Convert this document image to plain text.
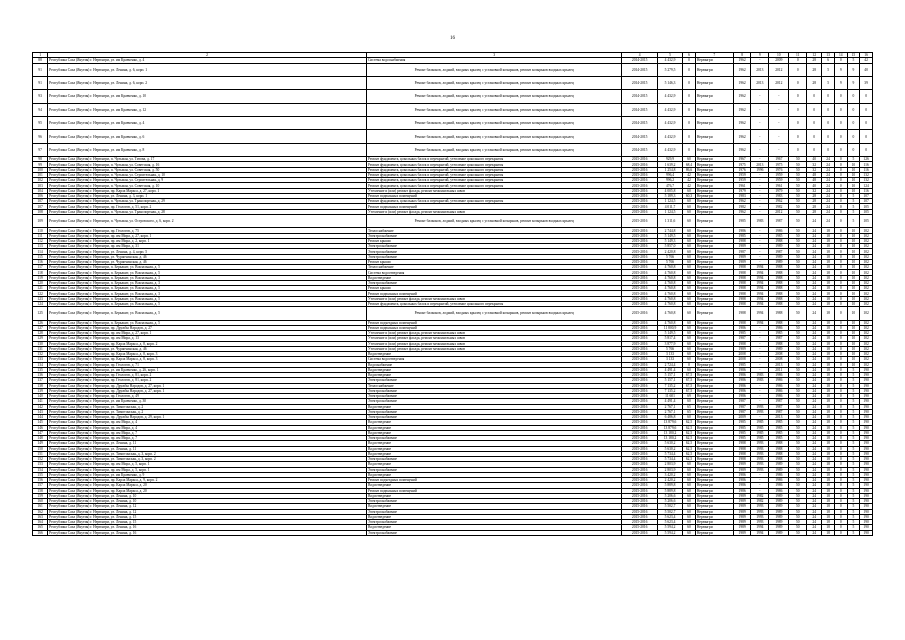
16
1	2	3	4	5	6	7	8	9	10	11	12	13	14	15	16
88	Республика Саха (Якутия) г. Нерюнгри, ул. им Кравченко, д. 4	Система водоснабжения	2014-2015	4 432,9	0	Нерюнгри	1962	-	2009	0	28	6	0	5	42
91	Республика Саха (Якутия) г. Нерюнгри, ул. Ленина, д. 6, корп. 1	Ремонт балконов, лоджий, входных крылец с установкой козырьков, ремонт козырьков входных крылец	2014-2015	5 279,5	0	Нерюнгри	1962	2013	2012	0	28	5	9	9	40
91	Республика Саха (Якутия) г. Нерюнгри, ул. Ленина, д. 6, корп. 2	Ремонт балконов, лоджий, входных крылец с установкой козырьков, ремонт козырьков входных крылец	2014-2015	5 146,3	0	Нерюнгри	1962	2013	2012	0	28	5	9	9	39
93	Республика Саха (Якутия) г. Нерюнгри, ул. им Кравченко, д. 10	Ремонт балконов, лоджий, входных крылец с установкой козырьков, ремонт козырьков входных крылец	2014-2015	4 432,9	0	Нерюнгри	1962	-	-	0	0	0	0	0	0
94	Республика Саха (Якутия) г. Нерюнгри, ул. им Кравченко, д. 12	Ремонт балконов, лоджий, входных крылец с установкой козырьков, ремонт козырьков входных крылец	2014-2015	4 432,9	0	Нерюнгри	1962	-	-	0	0	0	0	0	0
95	Республика Саха (Якутия) г. Нерюнгри, ул. им Кравченко, д. 4	Ремонт балконов, лоджий, входных крылец с установкой козырьков, ремонт козырьков входных крылец	2014-2015	4 432,9	0	Нерюнгри	1962	-	-	0	0	0	0	0	0
96	Республика Саха (Якутия) г. Нерюнгри, ул. им Кравченко, д. 6	Ремонт балконов, лоджий, входных крылец с установкой козырьков, ремонт козырьков входных крылец	2014-2015	4 432,9	0	Нерюнгри	1962	-	-	0	0	0	0	0	0
97	Республика Саха (Якутия) г. Нерюнгри, ул. им Кравченко, д. 8	Ремонт балконов, лоджий, входных крылец с установкой козырьков, ремонт козырьков входных крылец	2014-2015	4 432,9	0	Нерюнгри	1962	-	-	0	0	0	0	0	0
98	Республика Саха (Якутия) г. Нерюнгри, п. Чульман, ул. Титова, д. 17	Ремонт фундамента, цокольных балок и перекрытий, утепление цокольного перекрытия	2015-2016	929,9	60	Нерюнгри	1967	-	1967	50	40	24	0	5	126
99	Республика Саха (Якутия) г. Нерюнгри, п. Чульман, ул. Советская, д. 16	Ремонт фундамента, цокольных балок и перекрытий, утепление цокольного перекрытия	2015-2016	1 639,2	68,4	Нерюнгри	1975	2013	1975	50	32	24	0	10	116
100	Республика Саха (Якутия) г. Нерюнгри, п. Чульман, ул. Советская, д. 50	Ремонт фундамента, цокольных балок и перекрытий, утепление цокольного перекрытия	2015-2016	1 254,8	86,6	Нерюнгри	1976	1996	1976	50	32	24	0	10	116
101	Республика Саха (Якутия) г. Нерюнгри, п. Чульман, ул. Строительная, д. 10	Ремонт фундамента, цокольных балок и перекрытий, утепление цокольного перекрытия	2015-2016	996,4	42	Нерюнгри	1959	-	1959	50	48	24	0	10	132
102	Республика Саха (Якутия) г. Нерюнгри, п. Чульман, ул. Строительная, д. 9	Ремонт фундамента, цокольных балок и перекрытий, утепление цокольного перекрытия	2015-2016	996,2	42	Нерюнгри	1959	-	1959	50	48	24	0	10	132
103	Республика Саха (Якутия) г. Нерюнгри, п. Чульман, ул. Советская, д. 10	Ремонт фундамента, цокольных балок и перекрытий, утепление цокольного перекрытия	2015-2016	476,7	42	Нерюнгри	1961	-	1961	50	40	24	0	10	124
104	Республика Саха (Якутия) г. Нерюнгри, пр. Карла Маркса, д. 27, корп. 1	Утепление и (или) ремонт фасада, ремонт межпанельных швов	2015-2016	4 005,8	60	Нерюнгри	1979	-	1979	50	32	24	0	10	116
106	Республика Саха (Якутия) г. Нерюнгри, ул. Ленина, д. 3, корп. 1	Ремонт подвальных помещений	2015-2016	5 189,3	60,3	Нерюнгри	1983	-	1983	50	28	24	0	5	107
107	Республика Саха (Якутия) г. Нерюнгри, п. Чульман, ул. Транспортная, д. 29	Ремонт фундамента, цокольных балок и перекрытий, утепление цокольного перекрытия	2015-2016	1 124,5	60	Нерюнгри	1962	-	1962	50	28	24	0	5	107
107	Республика Саха (Якутия) г. Нерюнгри, пр. Геологов, д. 51, корп. 2	Ремонт подвальных помещений	2015-2016	4 011,7	60	Нерюнгри	1982	-	1982	50	28	24	0	5	105
108	Республика Саха (Якутия) г. Нерюнгри, п. Чульман, ул. Транспортная, д. 28	Утепление и (или) ремонт фасада, ремонт межпанельных швов	2015-2016	1 124,5	60	Нерюнгри	1962	-	2012	50	28	24	0	5	105
109	Республика Саха (Якутия) г. Нерюнгри, п. Чульман, ул. Островского, д. 6, корп. 2	Ремонт балконов, лоджий, входных крылец с установкой козырьков, ремонт козырьков входных крылец	2015-2016	1 311,6	60	Нерюнгри	1985	1983	1987	50	24	24	0	5	105
110	Республика Саха (Якутия) г. Нерюнгри, пр. Геологов, д. 75	Теплоснабжение	2015-2016	2 744,8	60	Нерюнгри	1986	-	1986	50	24	18	0	10	102
111	Республика Саха (Якутия) г. Нерюнгри, пр. им Мира, д. 27, корп. 1	Электроснабжение	2015-2016	5 149,5	60	Нерюнгри	1985	-	1985	50	24	18	0	10	102
112	Республика Саха (Якутия) г. Нерюнгри, пр. им Мира, д. 2, корп. 1	Ремонт крыши	2015-2016	5 149,3	60	Нерюнгри	1988	-	1988	50	24	18	0	10	102
113	Республика Саха (Якутия) г. Нерюнгри, пр. им Мира, д. 31	Электроснабжение	2015-2016	5 857,0	60	Нерюнгри	1989	-	1989	50	24	18	0	10	102
114	Республика Саха (Якутия) г. Нерюнгри, ул. Ленина, д. 4, корп. 5	Электроснабжение	2015-2016	2 420,8	60	Нерюнгри	1987	-	1987	50	24	18	0	10	102
115	Республика Саха (Якутия) г. Нерюнгри, ул. Чурапчинская, д. 46	Электроснабжение	2015-2016	5 766	60	Нерюнгри	1989	-	1989	50	24	18	0	10	102
116	Республика Саха (Якутия) г. Нерюнгри, ул. Чурапчинская, д. 46	Ремонт крыши	2015-2016	5 766	60	Нерюнгри	1989	-	1989	50	24	18	0	10	102
117	Республика Саха (Якутия) г. Нерюнгри, п. Беркакит, ул. Вокзальная, д. 5	Теплоснабжение	2015-2016	4 760,8	60	Нерюнгри	1988	1994	1988	50	24	18	0	10	102
118	Республика Саха (Якутия) г. Нерюнгри, п. Беркакит, ул. Вокзальная, д. 5	Система водоотведения	2015-2016	4 760,8	60	Нерюнгри	1988	1994	1988	50	24	18	0	10	102
119	Республика Саха (Якутия) г. Нерюнгри, п. Беркакит, ул. Вокзальная, д. 3	Водоотведение	2015-2016	4 760,8	60	Нерюнгри	1988	1994	1988	50	24	18	0	10	102
120	Республика Саха (Якутия) г. Нерюнгри, п. Беркакит, ул. Вокзальная, д. 3	Электроснабжение	2015-2016	4 760,8	60	Нерюнгри	1988	1994	1988	50	24	18	0	10	102
121	Республика Саха (Якутия) г. Нерюнгри, п. Беркакит, ул. Вокзальная, д. 5	Ремонт крыши	2015-2016	4 760,8	60	Нерюнгри	1988	1994	1988	50	24	18	0	10	102
122	Республика Саха (Якутия) г. Нерюнгри, п. Беркакит, ул. Вокзальная, д. 3	Ремонт подвальных помещений	2015-2016	4 760,8	60	Нерюнгри	1988	1994	1988	50	24	18	0	10	102
123	Республика Саха (Якутия) г. Нерюнгри, п. Беркакит, ул. Вокзальная, д. 5	Утепление и (или) ремонт фасада, ремонт межпанельных швов	2015-2016	4 760,8	60	Нерюнгри	1988	1994	1988	50	24	18	0	10	102
124	Республика Саха (Якутия) г. Нерюнгри, п. Беркакит, ул. Вокзальная, д. 5	Ремонт фундамента, цокольных балок и перекрытий, утепление цокольного перекрытия	2015-2016	4 760,8	60	Нерюнгри	1988	1994	1988	50	24	18	0	10	102
125	Республика Саха (Якутия) г. Нерюнгри, п. Беркакит, ул. Вокзальная, д. 5	Ремонт балконов, лоджий, входных крылец с установкой козырьков, ремонт козырьков входных крылец	2015-2016	4 760,8	60	Нерюнгри	1988	1994	1988	50	24	18	0	10	102
126	Республика Саха (Якутия) г. Нерюнгри, п. Беркакит, ул. Вокзальная, д. 5	Ремонт подъездных помещений	2015-2016	4 760,8	60	Нерюнгри	1988	1994	1988	50	24	18	0	10	102
127	Республика Саха (Якутия) г. Нерюнгри, пр. Дружбы Народов, д. 27	Ремонт подвальных помещений	2015-2016	11 800,9	60	Нерюнгри	1986	-	1986	50	24	18	0	10	102
128	Республика Саха (Якутия) г. Нерюнгри, пр. им Мира, д. 27, корп. 1	Утепление и (или) ремонт фасада, ремонт межпанельных швов	2015-2016	5 149,5	60	Нерюнгри	1985	-	1985	50	24	18	0	10	102
129	Республика Саха (Якутия) г. Нерюнгри, пр. им Мира, д. 13	Утепление и (или) ремонт фасада, ремонт межпанельных швов	2015-2016	5 817,4	60	Нерюнгри	1987	-	1987	50	24	18	0	10	102
130	Республика Саха (Якутия) г. Нерюнгри, пр. Карла Маркса, д. 8, корп. 2	Утепление и (или) ремонт фасада, ремонт межпанельных швов	2015-2016	3 877,9	60	Нерюнгри	1988	-	1988	50	24	18	0	10	102
131	Республика Саха (Якутия) г. Нерюнгри, ул. Чурапчинская, д. 46	Утепление и (или) ремонт фасада, ремонт межпанельных швов	2015-2016	5 766	60	Нерюнгри	1989	-	1989	50	24	18	0	10	102
132	Республика Саха (Якутия) г. Нерюнгри, пр. Карла Маркса, д. 8, корп. 3	Водоотведение	2015-2016	3 133	60	Нерюнгри	2008	-	2008	50	24	18	0	10	102
133	Республика Саха (Якутия) г. Нерюнгри, пр. Карла Маркса, д. 8, корп. 3	Система водоотведения	2015-2016	3 133	60	Нерюнгри	2008	-	2008	50	24	18	0	10	102
134	Республика Саха (Якутия) г. Нерюнгри, пр. Геологов, д. 71	Водоснабжение	2015-2016	2 724,4	0	Нерюнгри	1985	-	2013	50	24	18	0	10	102
135	Республика Саха (Якутия) г. Нерюнгри, ул. им Кравченко, д. 26, корп. 1	Водоотведение	2015-2016	4 491,4	60	Нерюнгри	1986	-	2011	50	24	18	0	5	190
136	Республика Саха (Якутия) г. Нерюнгри, пр. Геологов, д. 81, корп. 2	Водоотведение	2015-2016	5 157,1	67,5	Нерюнгри	1986	1983	1986	50	24	18	0	5	190
137	Республика Саха (Якутия) г. Нерюнгри, пр. Геологов, д. 81, корп. 2	Электроснабжение	2015-2016	5 157,1	67,5	Нерюнгри	1986	1983	1986	50	24	18	0	5	190
138	Республика Саха (Якутия) г. Нерюнгри, пр. Дружбы Народов, д. 27, корп. 1	Теплоснабжение	2015-2016	7 135,2	67,5	Нерюнгри	1986	-	1986	50	24	18	0	5	190
139	Республика Саха (Якутия) г. Нерюнгри, пр. Дружбы Народов, д. 27, корп. 1	Электроснабжение	2015-2016	7 135,2	67,5	Нерюнгри	1986	-	1986	50	24	18	0	5	190
140	Республика Саха (Якутия) г. Нерюнгри, пр. Геологов, д. 49	Электроснабжение	2015-2016	11 601	69	Нерюнгри	1986	-	1986	50	24	18	0	5	190
141	Республика Саха (Якутия) г. Нерюнгри, ул. им Кравченко, д. 30	Электроснабжение	2015-2016	4 491,4	60	Нерюнгри	1987	-	1987	50	24	18	0	5	190
142	Республика Саха (Якутия) г. Нерюнгри, ул. Тимптонская, д. 2	Водоотведение	2015-2016	2 767,1	65	Нерюнгри	1987	1993	1987	50	24	18	0	5	190
143	Республика Саха (Якутия) г. Нерюнгри, ул. Тимптонская, д. 2	Электроснабжение	2015-2016	2 767,1	65	Нерюнгри	1987	1993	1987	50	24	18	0	5	190
144	Республика Саха (Якутия) г. Нерюнгри, пр. Дружбы Народов, д. 29, корп. 1	Электроснабжение	2015-2016	6 486,8	60	Нерюнгри	2009	-	2013	50	24	18	0	5	190
145	Республика Саха (Якутия) г. Нерюнгри, пр. им Мира, д. 4	Водоотведение	2015-2016	13 879,6	62,5	Нерюнгри	1985	1985	1985	50	24	18	0	5	190
146	Республика Саха (Якутия) г. Нерюнгри, пр. им Мира, д. 4	Водоотведение	2015-2016	13 879,6	62,5	Нерюнгри	1985	1985	1985	50	24	18	0	5	190
147	Республика Саха (Якутия) г. Нерюнгри, пр. им Мира, д. 7	Водоотведение	2015-2016	13 180,2	62,5	Нерюнгри	1985	1985	1985	50	24	18	0	5	190
148	Республика Саха (Якутия) г. Нерюнгри, пр. им Мира, д. 7	Электроснабжение	2015-2016	13 180,2	62,5	Нерюнгри	1985	1985	1985	50	24	18	0	5	190
149	Республика Саха (Якутия) г. Нерюнгри, ул. Ленина, д. 11	Водоотведение	2015-2016	5 630,2	62,5	Нерюнгри	1988	1993	1988	50	24	18	0	5	190
150	Республика Саха (Якутия) г. Нерюнгри, ул. Ленина, д. 11	Водоотведение	2015-2016	5 630,2	62,5	Нерюнгри	1988	1993	1988	50	24	18	0	5	190
151	Республика Саха (Якутия) г. Нерюнгри, ул. Тимптонская, д. 3, корп. 2	Водоотведение	2015-2016	5 734,4	62,5	Нерюнгри	1988	1993	1988	50	24	18	0	5	190
152	Республика Саха (Якутия) г. Нерюнгри, ул. Тимптонская, д. 3, корп. 2	Электроснабжение	2015-2016	5 734,4	62,5	Нерюнгри	1988	1993	1988	50	24	18	0	5	190
153	Республика Саха (Якутия) г. Нерюнгри, пр. им Мира, д. 5, корп. 1	Водоотведение	2015-2016	2 803,9	60	Нерюнгри	1989	1993	1989	50	24	18	0	5	190
154	Республика Саха (Якутия) г. Нерюнгри, пр. им Мира, д. 5, корп. 1	Электроснабжение	2015-2016	2 803,9	60	Нерюнгри	1989	1993	1989	50	24	18	0	5	190
155	Республика Саха (Якутия) г. Нерюнгри, ул. им Кравченко, д. 9	Водоотведение	2015-2016	3 420,2	60	Нерюнгри	1986	-	1986	50	24	18	0	5	190
156	Республика Саха (Якутия) г. Нерюнгри, пр. Карла Маркса, д. 9, корп. 2	Ремонт подъездных помещений	2015-2016	2 420,2	60	Нерюнгри	1986	-	1986	50	24	18	0	5	190
157	Республика Саха (Якутия) г. Нерюнгри, пр. Карла Маркса, д. 20	Водоотведение	2015-2016	5 889,8	60	Нерюнгри	1986	-	1986	50	24	18	0	5	190
158	Республика Саха (Якутия) г. Нерюнгри, пр. Карла Маркса, д. 20	Ремонт подвальных помещений	2015-2016	5 889,8	60	Нерюнгри	1986	-	1986	50	24	18	0	5	190
159	Республика Саха (Якутия) г. Нерюнгри, ул. Ленина, д. 10	Водоотведение	2015-2016	5 206,6	60	Нерюнгри	1989	1982	1989	50	24	18	0	5	190
160	Республика Саха (Якутия) г. Нерюнгри, ул. Ленина, д. 10	Электроснабжение	2015-2016	5 206,6	60	Нерюнгри	1989	1982	1989	50	24	18	0	5	190
161	Республика Саха (Якутия) г. Нерюнгри, ул. Ленина, д. 12	Водоотведение	2015-2016	5 502,7	60	Нерюнгри	1989	1993	1989	50	24	18	0	5	190
162	Республика Саха (Якутия) г. Нерюнгри, ул. Ленина, д. 12	Электроснабжение	2015-2016	5 502,7	60	Нерюнгри	1989	1993	1989	50	24	18	0	5	190
163	Республика Саха (Якутия) г. Нерюнгри, ул. Ленина, д. 15	Водоотведение	2015-2016	5 623,4	60	Нерюнгри	1989	1993	1989	50	24	18	0	5	190
164	Республика Саха (Якутия) г. Нерюнгри, ул. Ленина, д. 15	Электроснабжение	2015-2016	5 623,4	60	Нерюнгри	1989	1993	1989	50	24	18	0	5	190
165	Республика Саха (Якутия) г. Нерюнгри, ул. Ленина, д. 16	Водоотведение	2015-2016	5 594,2	60	Нерюнгри	1989	1994	1989	50	24	18	0	5	190
166	Республика Саха (Якутия) г. Нерюнгри, ул. Ленина, д. 16	Электроснабжение	2015-2016	5 594,2	60	Нерюнгри	1989	1994	1989	50	24	18	0	5	190
